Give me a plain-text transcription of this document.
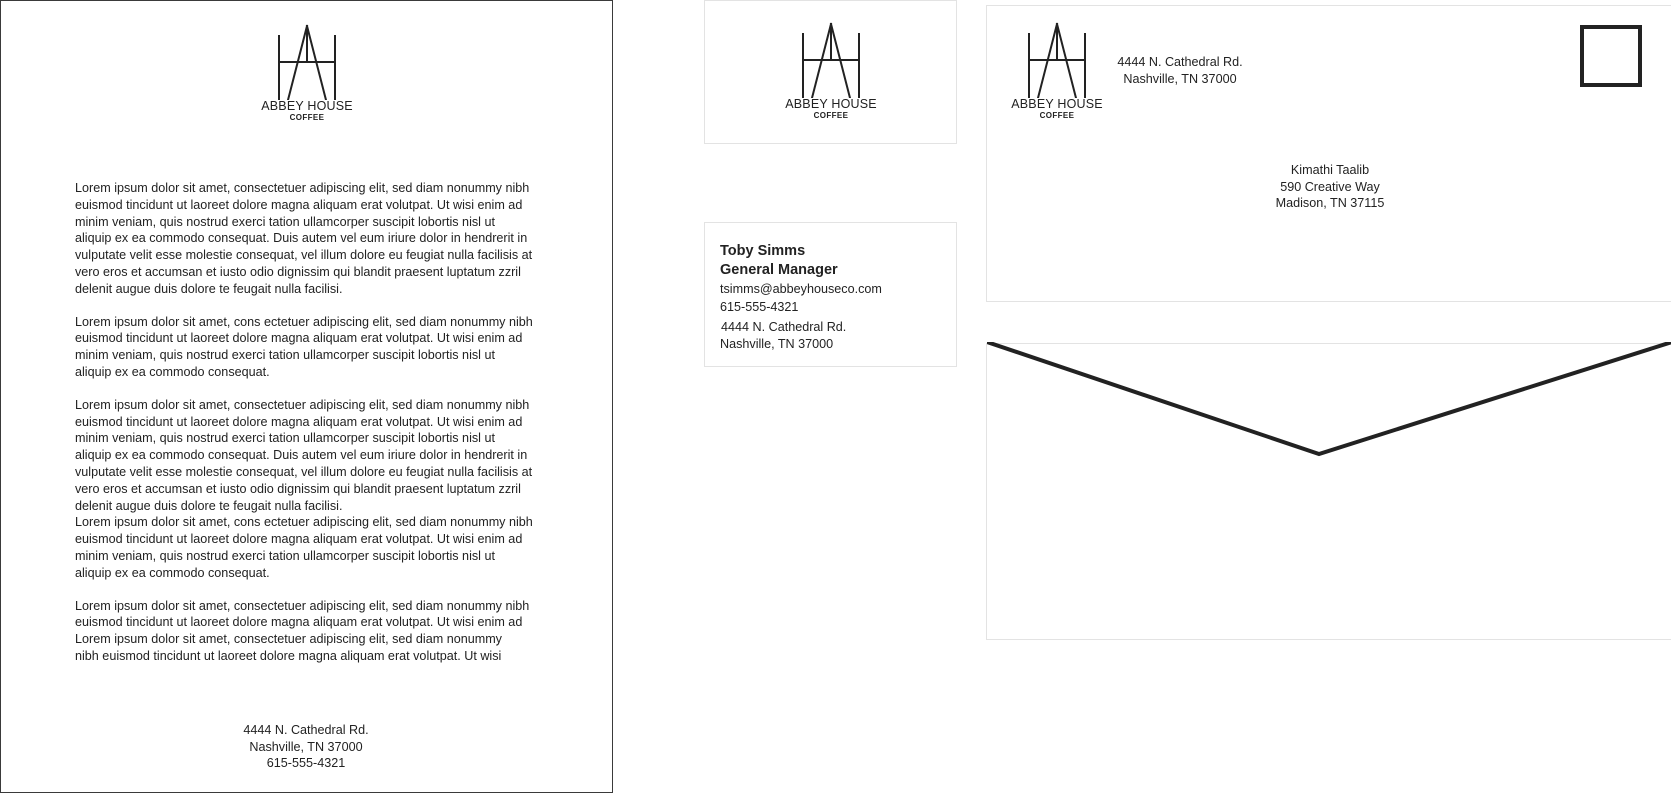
ABBEY HOUSE
COFFEE

Lorem ipsum dolor sit amet, consectetuer adipiscing elit, sed diam nonummy nibh
euismod tincidunt ut laoreet dolore magna aliquam erat volutpat. Ut wisi enim ad
minim veniam, quis nostrud exerci tation ullamcorper suscipit lobortis nisl ut
aliquip ex ea commodo consequat. Duis autem vel eum iriure dolor in hendrerit in
vulputate velit esse molestie consequat, vel illum dolore eu feugiat nulla facilisis at
vero eros et accumsan et iusto odio dignissim qui blandit praesent luptatum zzril
delenit augue duis dolore te feugait nulla facilisi.

Lorem ipsum dolor sit amet, cons ectetuer adipiscing elit, sed diam nonummy nibh
euismod tincidunt ut laoreet dolore magna aliquam erat volutpat. Ut wisi enim ad
minim veniam, quis nostrud exerci tation ullamcorper suscipit lobortis nisl ut
aliquip ex ea commodo consequat.

Lorem ipsum dolor sit amet, consectetuer adipiscing elit, sed diam nonummy nibh
euismod tincidunt ut laoreet dolore magna aliquam erat volutpat. Ut wisi enim ad
minim veniam, quis nostrud exerci tation ullamcorper suscipit lobortis nisl ut
aliquip ex ea commodo consequat. Duis autem vel eum iriure dolor in hendrerit in
vulputate velit esse molestie consequat, vel illum dolore eu feugiat nulla facilisis at
vero eros et accumsan et iusto odio dignissim qui blandit praesent luptatum zzril
delenit augue duis dolore te feugait nulla facilisi.

Lorem ipsum dolor sit amet, cons ectetuer adipiscing elit, sed diam nonummy nibh
euismod tincidunt ut laoreet dolore magna aliquam erat volutpat. Ut wisi enim ad
minim veniam, quis nostrud exerci tation ullamcorper suscipit lobortis nisl ut
aliquip ex ea commodo consequat.

Lorem ipsum dolor sit amet, consectetuer adipiscing elit, sed diam nonummy nibh
euismod tincidunt ut laoreet dolore magna aliquam erat volutpat. Ut wisi enim ad
Lorem ipsum dolor sit amet, consectetuer adipiscing elit, sed diam nonummy
nibh euismod tincidunt ut laoreet dolore magna aliquam erat volutpat. Ut wisi

4444 N. Cathedral Rd.
Nashville, TN 37000
615-555-4321
ABBEY HOUSE
COFFEE
Toby Simms
General Manager
tsimms@abbeyhouseco.com
615-555-4321
4444 N. Cathedral Rd.
Nashville, TN 37000
ABBEY HOUSE
COFFEE
4444 N. Cathedral Rd.
Nashville, TN 37000
Kimathi Taalib
590 Creative Way
Madison, TN 37115
